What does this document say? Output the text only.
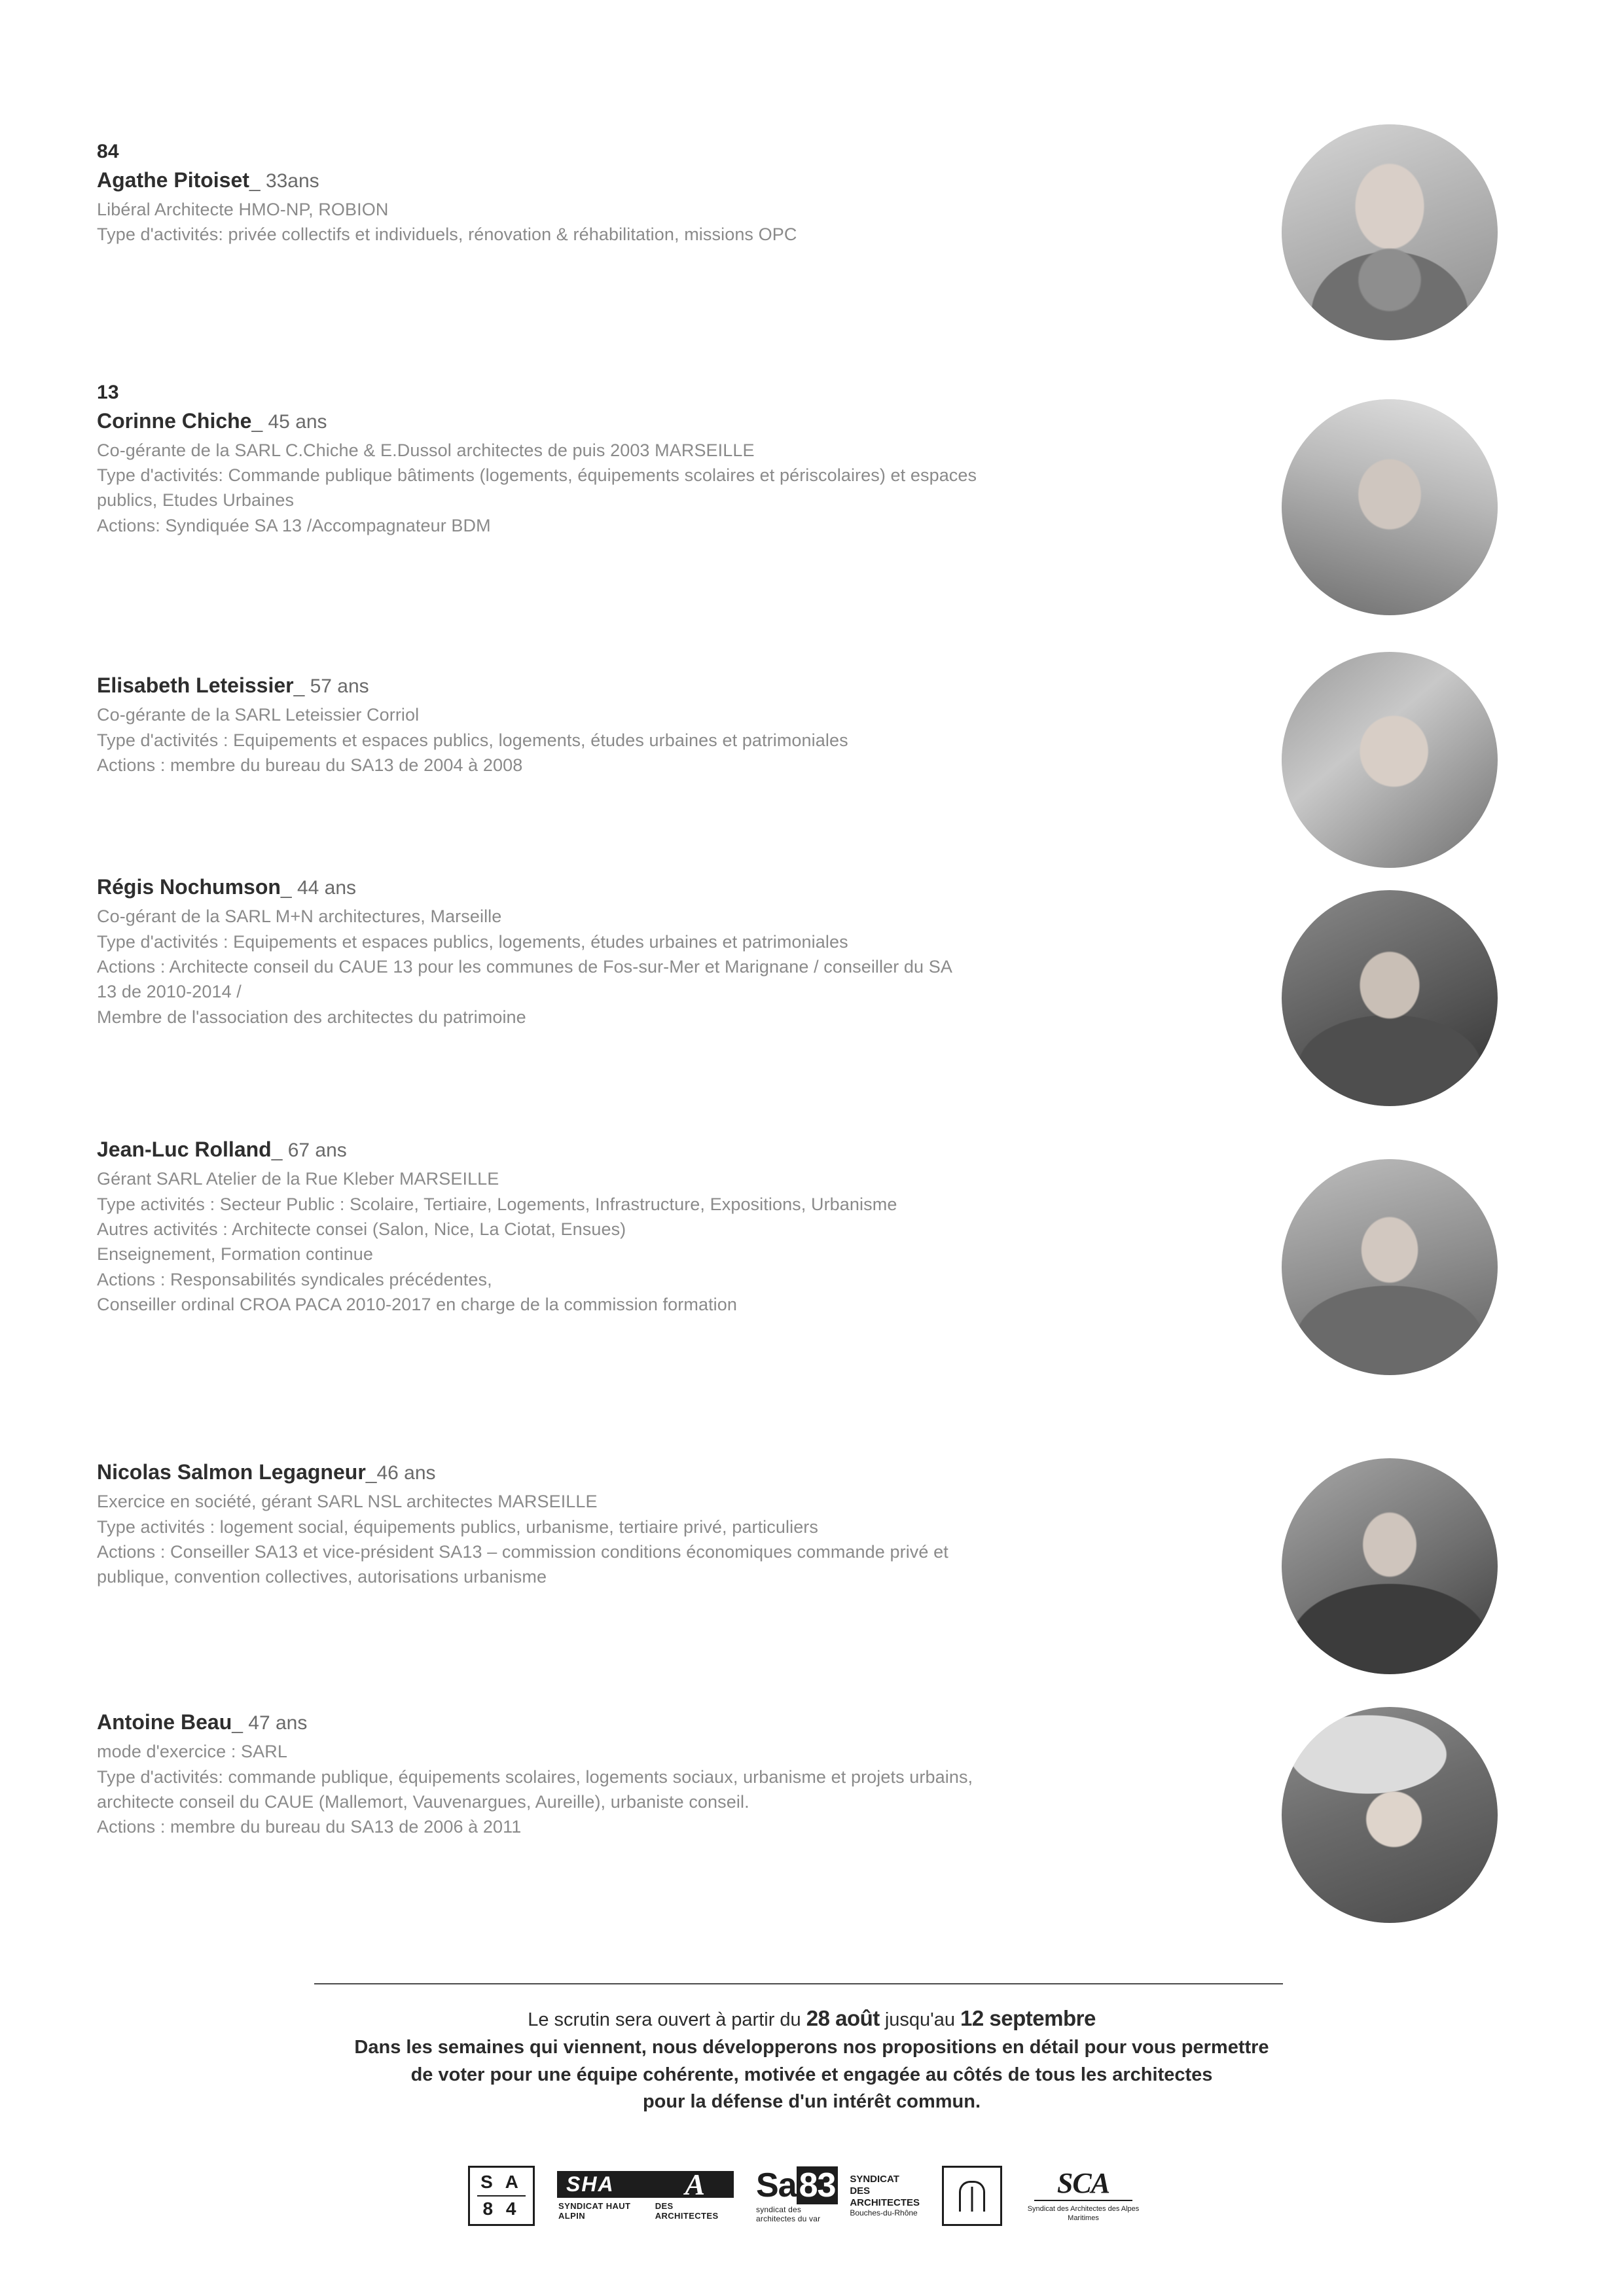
84
Agathe Pitoiset_ 33ans
Libéral Architecte HMO-NP, ROBION
Type d'activités: privée collectifs et individuels, rénovation & réhabilitation, missions OPC
13
Corinne Chiche_ 45 ans
Co-gérante de la SARL C.Chiche & E.Dussol architectes de puis 2003 MARSEILLE
Type d'activités: Commande publique bâtiments (logements, équipements scolaires et périscolaires) et espaces
publics, Etudes Urbaines
Actions: Syndiquée SA 13 /Accompagnateur BDM
Elisabeth Leteissier_ 57 ans
Co-gérante de la SARL Leteissier Corriol
Type d'activités : Equipements et espaces publics, logements, études urbaines et patrimoniales
Actions : membre du bureau du SA13 de 2004 à 2008
Régis Nochumson_ 44 ans
Co-gérant de la SARL M+N architectures, Marseille
Type d'activités : Equipements et espaces publics, logements, études urbaines et patrimoniales
Actions : Architecte conseil du CAUE 13 pour les communes de Fos-sur-Mer et Marignane / conseiller du SA
13 de 2010-2014 /
Membre de l'association des architectes du patrimoine
Jean-Luc Rolland_ 67 ans
Gérant SARL Atelier de la Rue Kleber MARSEILLE
Type activités : Secteur Public : Scolaire, Tertiaire, Logements, Infrastructure, Expositions, Urbanisme
Autres activités : Architecte consei (Salon, Nice, La Ciotat, Ensues)
Enseignement, Formation continue
Actions : Responsabilités syndicales précédentes,
Conseiller ordinal CROA PACA 2010-2017 en charge de la commission formation
Nicolas Salmon Legagneur_46 ans
Exercice en société, gérant SARL NSL architectes MARSEILLE
Type activités : logement social, équipements publics, urbanisme, tertiaire privé, particuliers
Actions : Conseiller SA13 et vice-président SA13 – commission conditions économiques commande privé et
publique, convention collectives, autorisations urbanisme
Antoine Beau_ 47 ans
mode d'exercice : SARL
Type d'activités: commande publique, équipements scolaires, logements sociaux, urbanisme et projets urbains,
architecte conseil du CAUE (Mallemort, Vauvenargues, Aureille), urbaniste conseil.
Actions : membre du bureau du SA13 de 2006 à 2011

Le scrutin sera ouvert à partir du 28 août jusqu'au 12 septembre

Dans les semaines qui viennent, nous développerons nos propositions en détail pour vous permettre

de voter pour une équipe cohérente, motivée et engagée au côtés de tous les architectes

pour la défense d'un intérêt commun.

S A
8 4
SHA A
SYNDICAT HAUT ALPIN
DES ARCHITECTES
Sa83
syndicat des architectes du var
SYNDICAT DES
ARCHITECTES
Bouches-du-Rhône
SCA
Syndicat des Architectes des Alpes Maritimes
